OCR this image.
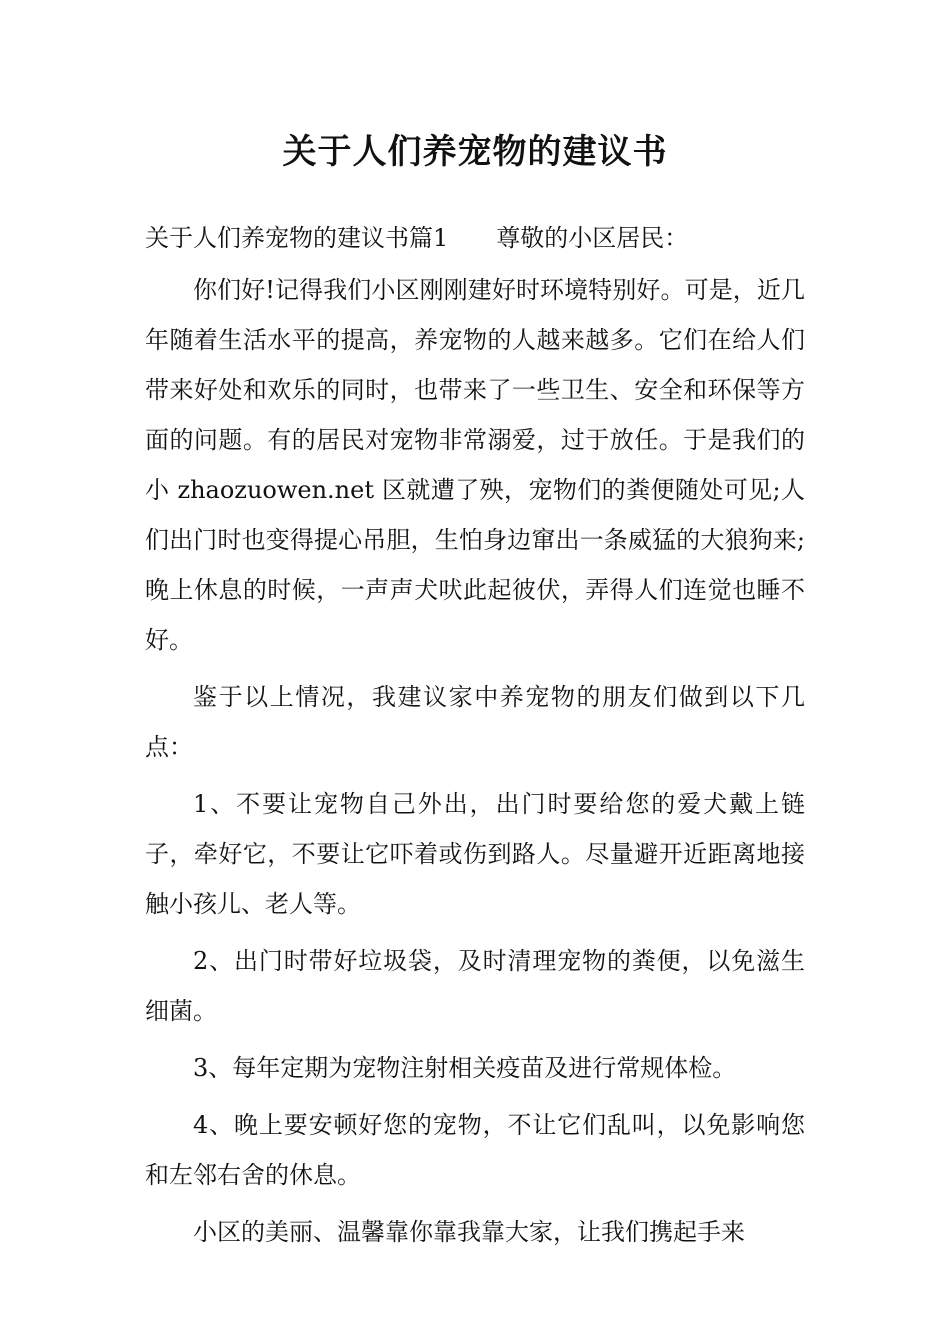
关于人们养宠物的建议书

关于人们养宠物的建议书篇1 尊敬的小区居民：

你们好!记得我们小区刚刚建好时环境特别好。可是，近几年随着生活水平的提高，养宠物的人越来越多。它们在给人们带来好处和欢乐的同时，也带来了一些卫生、安全和环保等方面的问题。有的居民对宠物非常溺爱，过于放任。于是我们的小 zhaozuowen.net 区就遭了殃，宠物们的粪便随处可见;人们出门时也变得提心吊胆，生怕身边窜出一条威猛的大狼狗来;晚上休息的时候，一声声犬吠此起彼伏，弄得人们连觉也睡不好。

鉴于以上情况，我建议家中养宠物的朋友们做到以下几点：

1、不要让宠物自己外出，出门时要给您的爱犬戴上链子，牵好它，不要让它吓着或伤到路人。尽量避开近距离地接触小孩儿、老人等。

2、出门时带好垃圾袋，及时清理宠物的粪便，以免滋生细菌。

3、每年定期为宠物注射相关疫苗及进行常规体检。

4、晚上要安顿好您的宠物，不让它们乱叫，以免影响您和左邻右舍的休息。

小区的美丽、温馨靠你靠我靠大家，让我们携起手来
